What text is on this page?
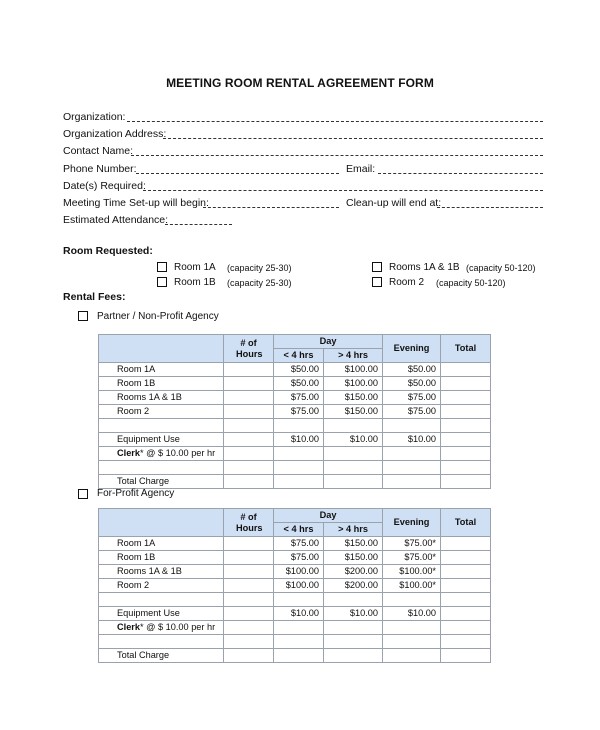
MEETING ROOM RENTAL AGREEMENT FORM
Organization:
Organization Address:
Contact Name:
Phone Number:	Email:
Date(s) Required:
Meeting Time Set-up will begin:	Clean-up will end at:
Estimated Attendance:
Room Requested:
Room 1A (capacity 25-30)
Room 1B (capacity 25-30)
Rooms 1A & 1B (capacity 50-120)
Room 2 (capacity 50-120)
Rental Fees:
Partner / Non-Profit Agency
	# of Hours	Day		Evening	Total
		< 4 hrs	> 4 hrs		
Room 1A		$50.00	$100.00	$50.00	
Room 1B		$50.00	$100.00	$50.00	
Rooms 1A & 1B		$75.00	$150.00	$75.00	
Room 2		$75.00	$150.00	$75.00	

Equipment Use		$10.00	$10.00	$10.00	
Clerk* @ $ 10.00 per hr					

Total Charge					
For-Profit Agency
	# of Hours	Day		Evening	Total
		< 4 hrs	> 4 hrs		
Room 1A		$75.00	$150.00	$75.00*	
Room 1B		$75.00	$150.00	$75.00*	
Rooms 1A & 1B		$100.00	$200.00	$100.00*	
Room 2		$100.00	$200.00	$100.00*	

Equipment Use		$10.00	$10.00	$10.00	
Clerk* @ $ 10.00 per hr					

Total Charge					
